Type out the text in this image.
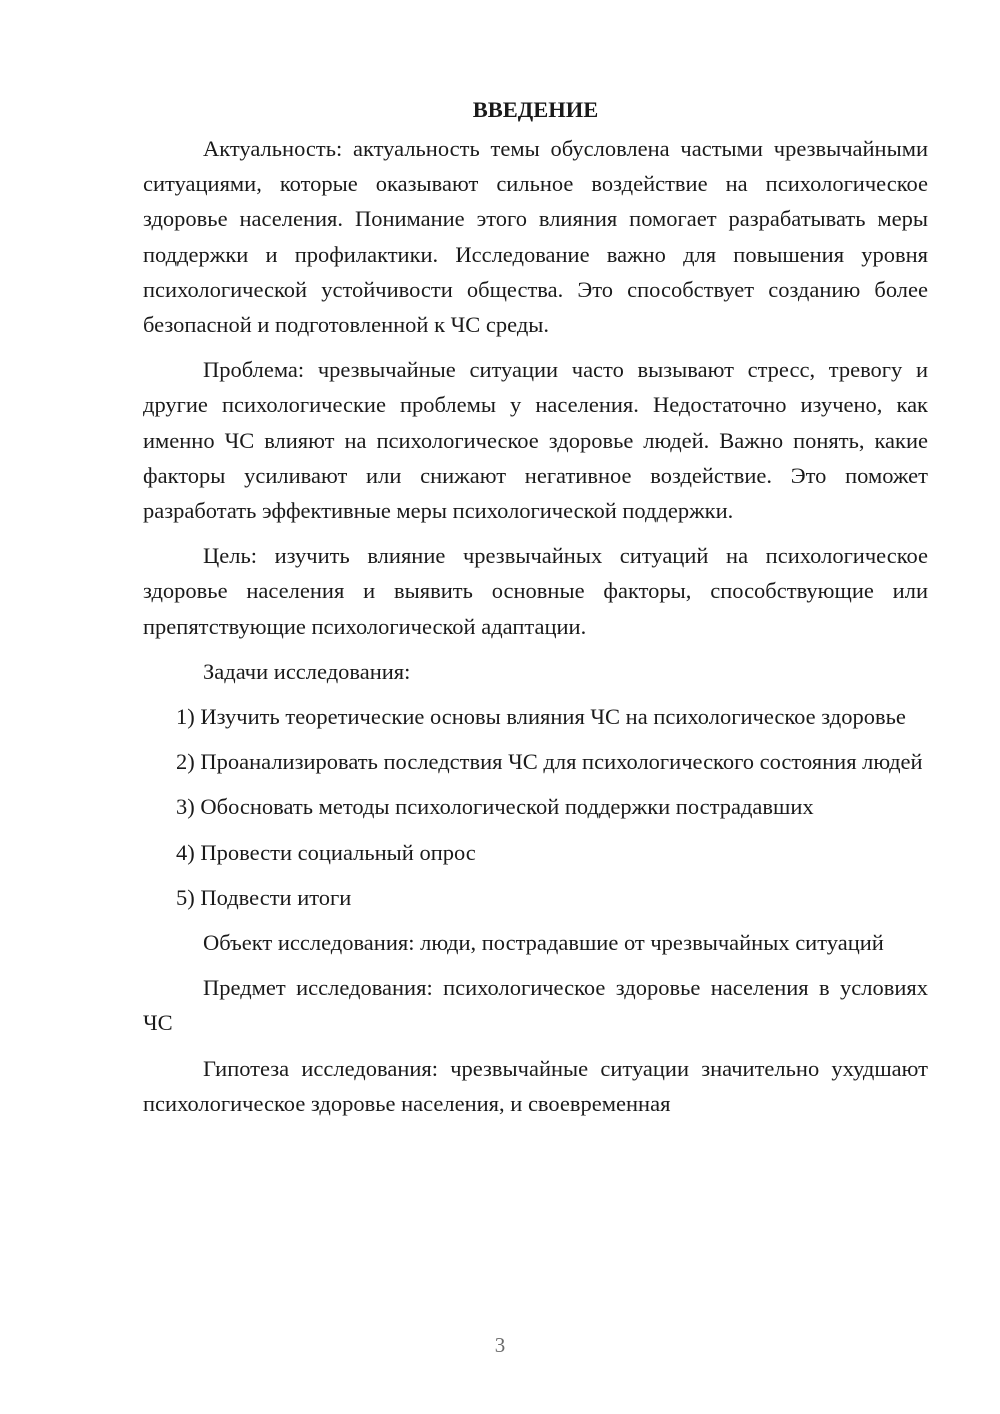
ВВЕДЕНИЕ

Актуальность: актуальность темы обусловлена частыми чрезвычайными ситуациями, которые оказывают сильное воздействие на психологическое здоровье населения. Понимание этого влияния помогает разрабатывать меры поддержки и профилактики. Исследование важно для повышения уровня психологической устойчивости общества. Это способствует созданию более безопасной и подготовленной к ЧС среды.

Проблема: чрезвычайные ситуации часто вызывают стресс, тревогу и другие психологические проблемы у населения. Недостаточно изучено, как именно ЧС влияют на психологическое здоровье людей. Важно понять, какие факторы усиливают или снижают негативное воздействие. Это поможет разработать эффективные меры психологической поддержки.

Цель: изучить влияние чрезвычайных ситуаций на психологическое здоровье населения и выявить основные факторы, способствующие или препятствующие психологической адаптации.

Задачи исследования:

1) Изучить теоретические основы влияния ЧС на психологическое здоровье

2) Проанализировать последствия ЧС для психологического состояния людей

3) Обосновать методы психологической поддержки пострадавших

4) Провести социальный опрос

5) Подвести итоги

Объект исследования: люди, пострадавшие от чрезвычайных ситуаций

Предмет исследования: психологическое здоровье населения в условиях ЧС

Гипотеза исследования: чрезвычайные ситуации значительно ухудшают психологическое здоровье населения, и своевременная

3
